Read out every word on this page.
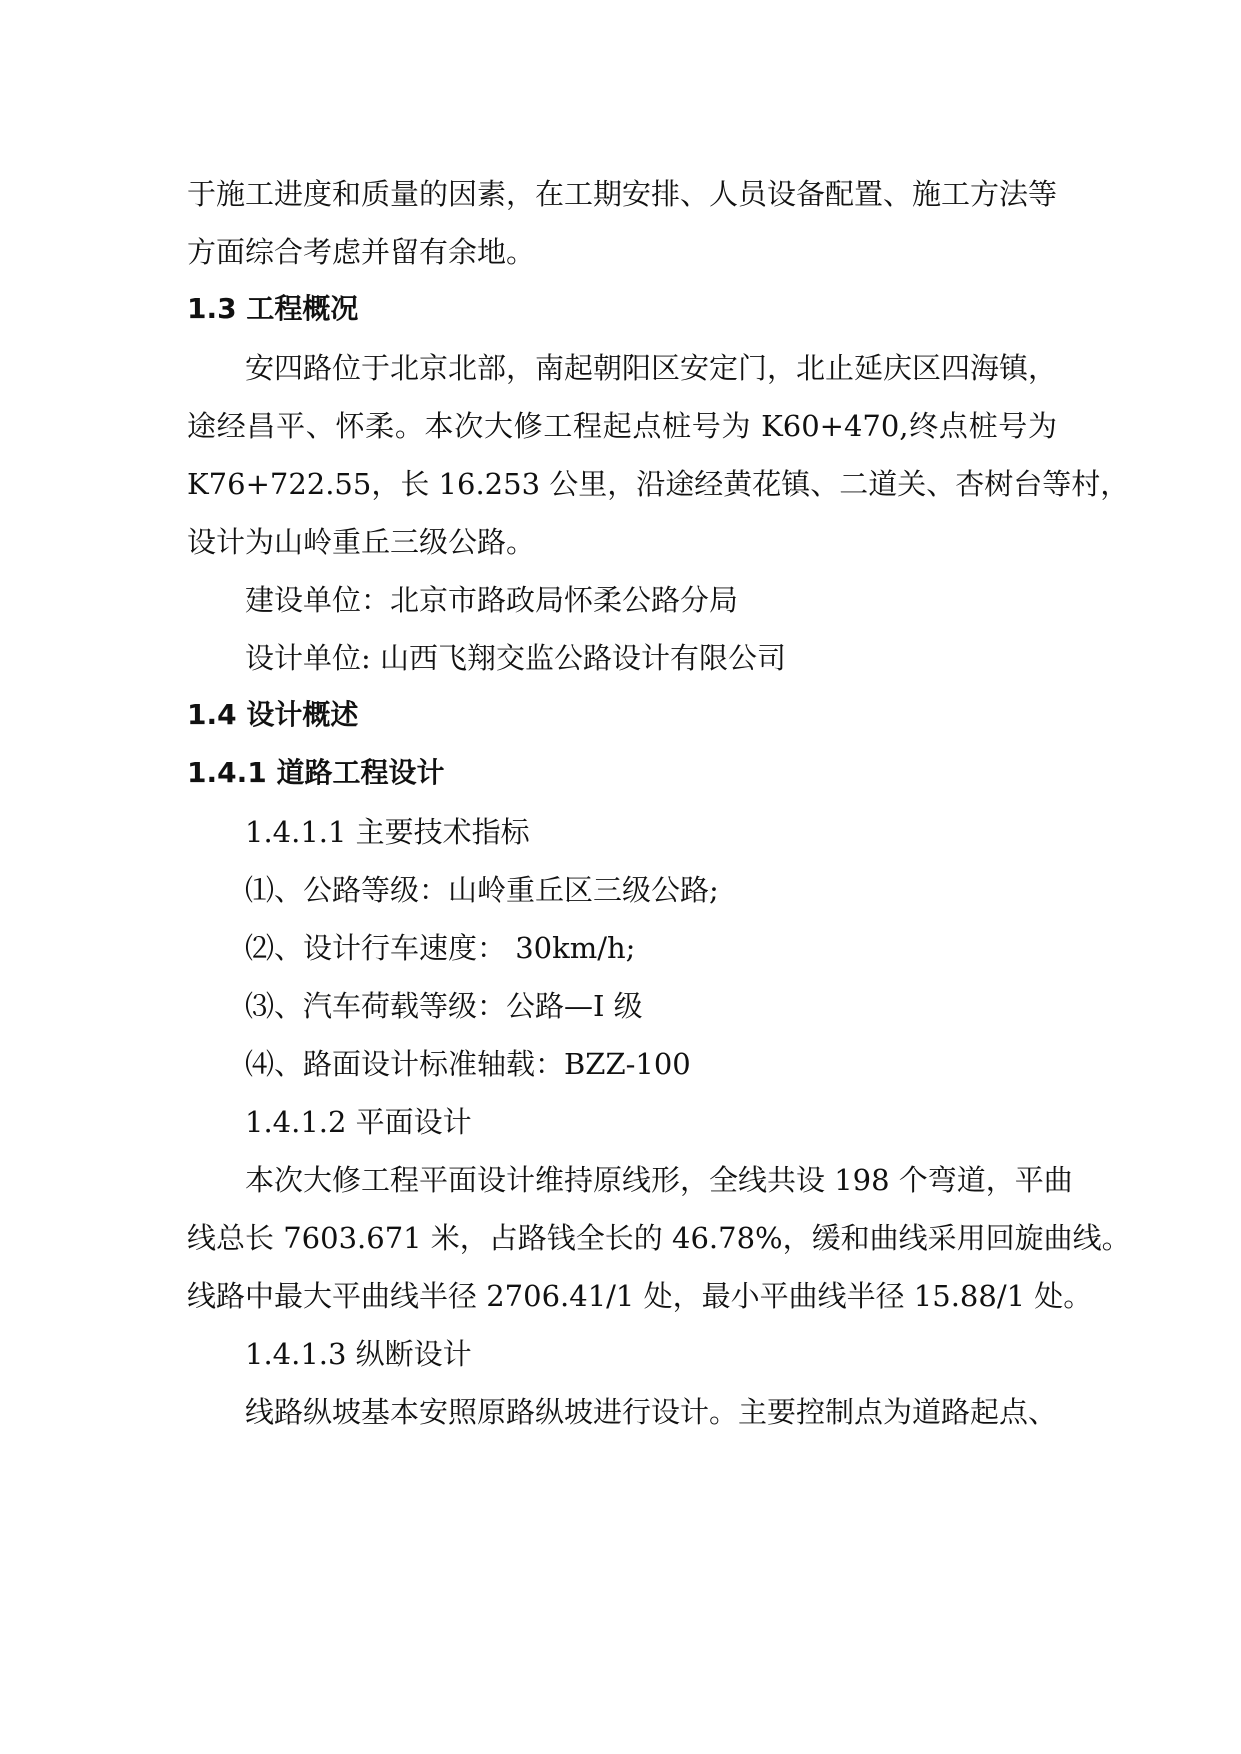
于施工进度和质量的因素，在工期安排、人员设备配置、施工方法等

方面综合考虑并留有余地。

1.3 工程概况

安四路位于北京北部，南起朝阳区安定门，北止延庆区四海镇，

途经昌平、怀柔。本次大修工程起点桩号为 K60+470,终点桩号为

K76+722.55，长 16.253 公里，沿途经黄花镇、二道关、杏树台等村，

设计为山岭重丘三级公路。

建设单位：北京市路政局怀柔公路分局

设计单位: 山西飞翔交监公路设计有限公司

1.4 设计概述

1.4.1 道路工程设计

1.4.1.1 主要技术指标

⑴、公路等级：山岭重丘区三级公路;

⑵、设计行车速度： 30km/h;

⑶、汽车荷载等级：公路—I 级

⑷、路面设计标准轴载：BZZ-100

1.4.1.2 平面设计

本次大修工程平面设计维持原线形，全线共设 198 个弯道，平曲

线总长 7603.671 米，占路钱全长的 46.78%，缓和曲线采用回旋曲线。

线路中最大平曲线半径 2706.41/1 处，最小平曲线半径 15.88/1 处。

1.4.1.3 纵断设计

线路纵坡基本安照原路纵坡进行设计。主要控制点为道路起点、
